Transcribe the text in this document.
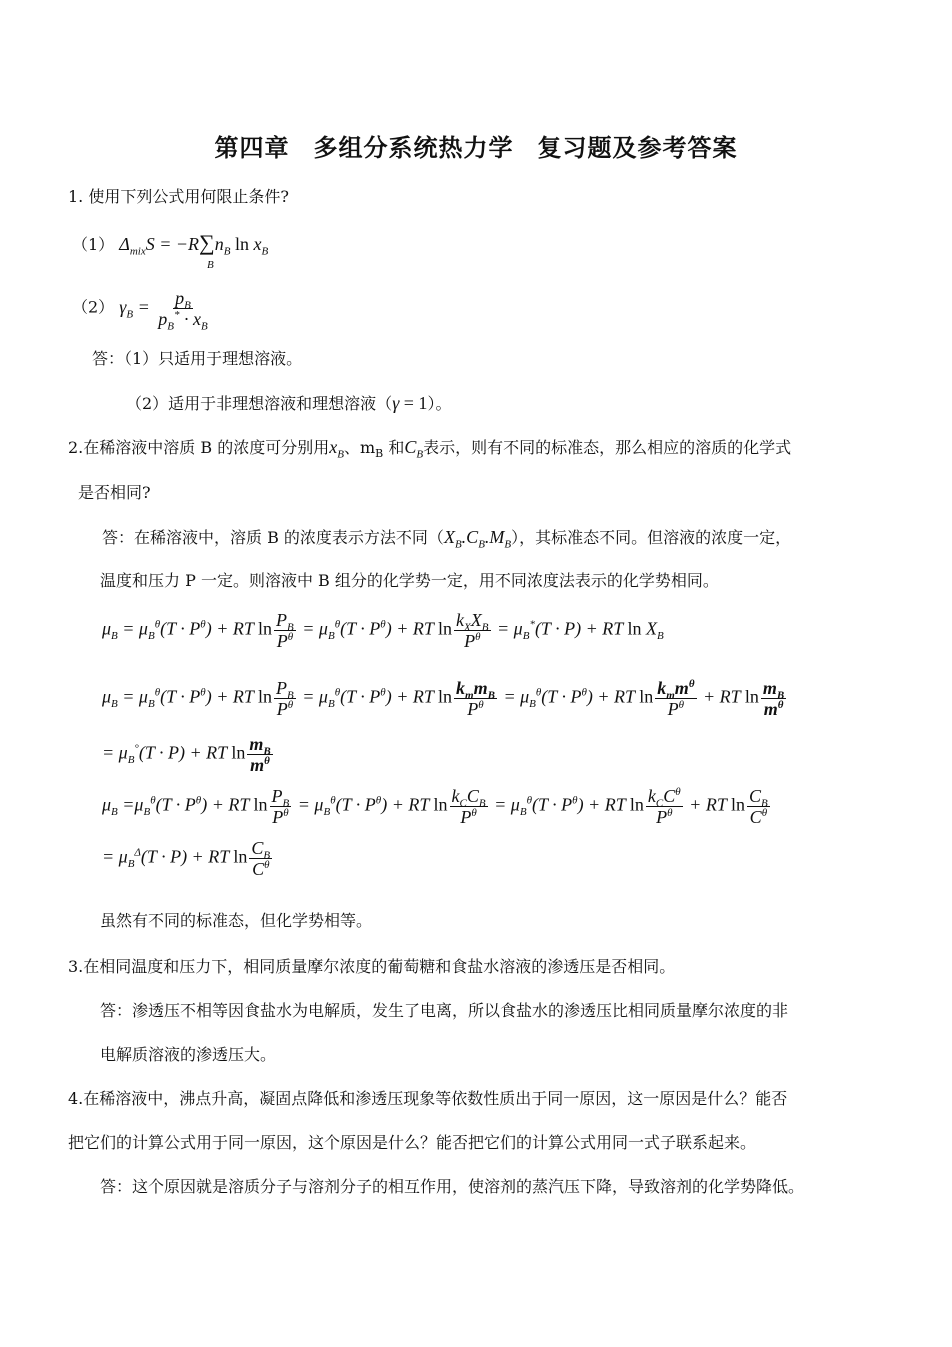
第四章 多组分系统热力学 复习题及参考答案
1. 使用下列公式用何限止条件?
（1） $\Delta_{mix}S = -R\sum$
B
$n_B$ $\ln x_B$
（2） $\gamma_B = \frac{p_B}{p_B^* \cdot x_B}$
答：（1）只适用于理想溶液。
（2）适用于非理想溶液和理想溶液（γ = 1）。
2.在稀溶液中溶质 B 的浓度可分别用$x_B$、$m_B$ 和$C_B$表示，则有不同的标准态，那么相应的溶质的化学式
是否相同?
答：在稀溶液中，溶质 B 的浓度表示方法不同$(X_B.C_B.M_B)$，其标准态不同。但溶液的浓度一定，
温度和压力 P 一定。则溶液中 B 组分的化学势一定，用不同浓度法表示的化学势相同。
$\mu_B = \mu_B^\theta(T \cdot P^\theta)$ + RT $\ln \frac{P_B}{P^\theta} = \mu_B^\theta(T \cdot P^\theta)$ + RT $\ln \frac{k_XX_B}{P^\theta} = \mu_B^*(T \cdot P)$ + RT $\ln X_B$
$\mu_B = \mu_B^\theta(T \cdot P^\theta)$ + RT $\ln \frac{P_B}{P^\theta} = \mu_B^\theta(T \cdot P^\theta)$ + RT $\ln \frac{k_mm_B}{P^\theta} = \mu_B^\theta(T \cdot P^\theta)$ + RT $\ln \frac{k_mm^\theta}{P^\theta}$ + RT $\ln \frac{m_B}{m^\theta}$
= $\mu_B^\circ(T \cdot P)$ + RT $\ln \frac{m_B}{m^\theta}$
$\mu_B =\mu_B^\theta(T \cdot P^\theta)$ + RT $\ln \frac{P_B}{P^\theta} = \mu_B^\theta(T \cdot P^\theta)$ + RT $\ln \frac{k_CC_B}{P^\theta} = \mu_B^\theta(T \cdot P^\theta)$ + RT $\ln \frac{k_CC^\theta}{P^\theta}$ + RT $\ln \frac{C_B}{C^\theta}$
= $\mu_B^\Delta(T \cdot P)$ + RT $\ln \frac{C_B}{C^\theta}$
虽然有不同的标准态，但化学势相等。
3.在相同温度和压力下，相同质量摩尔浓度的葡萄糖和食盐水溶液的渗透压是否相同。
答：渗透压不相等因食盐水为电解质，发生了电离，所以食盐水的渗透压比相同质量摩尔浓度的非
电解质溶液的渗透压大。
4.在稀溶液中，沸点升高，凝固点降低和渗透压现象等依数性质出于同一原因，这一原因是什么？能否
把它们的计算公式用于同一原因，这个原因是什么？能否把它们的计算公式用同一式子联系起来。
答：这个原因就是溶质分子与溶剂分子的相互作用，使溶剂的蒸汽压下降，导致溶剂的化学势降低。
